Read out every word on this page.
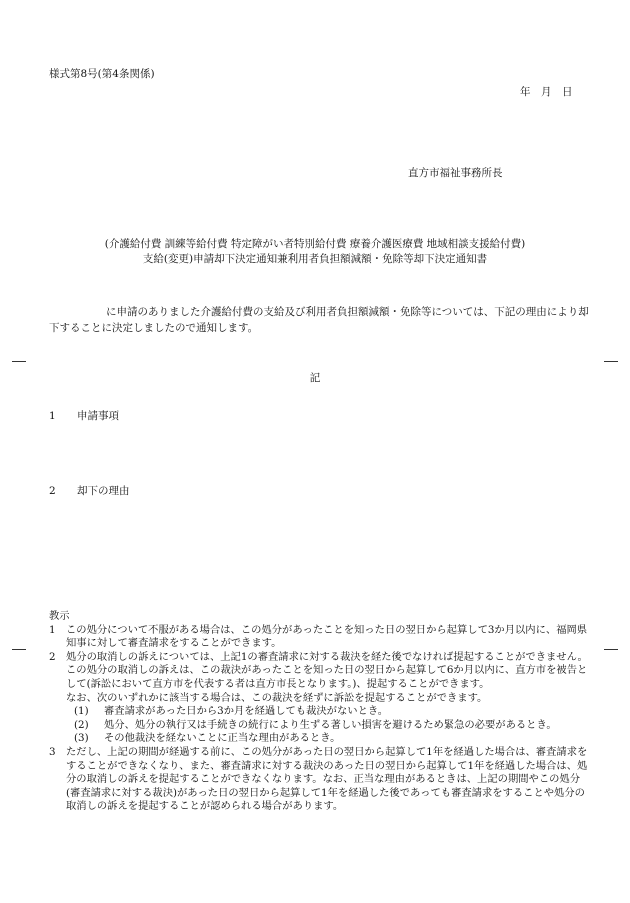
様式第8号(第4条関係)
年　月　日
直方市福祉事務所長
(介護給付費 訓練等給付費 特定障がい者特別給付費 療養介護医療費 地域相談支援給付費)
支給(変更)申請却下決定通知兼利用者負担額減額・免除等却下決定通知書
に申請のありました介護給付費の支給及び利用者負担額減額・免除等については、下記の理由により却下することに決定しましたので通知します。
記
1 申請事項
2 却下の理由

教示

1	この処分について不服がある場合は、この処分があったことを知った日の翌日から起算して3か月以内に、福岡県知事に対して審査請求をすることができます。
2	処分の取消しの訴えについては、上記1の審査請求に対する裁決を経た後でなければ提起することができません。この処分の取消しの訴えは、この裁決があったことを知った日の翌日から起算して6か月以内に、直方市を被告として(訴訟において直方市を代表する者は直方市長となります。)、提起することができます。

なお、次のいずれかに該当する場合は、この裁決を経ずに訴訟を提起することができます。

(1)	審査請求があった日から3か月を経過しても裁決がないとき。
(2)	処分、処分の執行又は手続きの続行により生ずる著しい損害を避けるため緊急の必要があるとき。
(3)	その他裁決を経ないことに正当な理由があるとき。
3	ただし、上記の期間が経過する前に、この処分があった日の翌日から起算して1年を経過した場合は、審査請求をすることができなくなり、また、審査請求に対する裁決のあった日の翌日から起算して1年を経過した場合は、処分の取消しの訴えを提起することができなくなります。なお、正当な理由があるときは、上記の期間やこの処分(審査請求に対する裁決)があった日の翌日から起算して1年を経過した後であっても審査請求をすることや処分の取消しの訴えを提起することが認められる場合があります。
